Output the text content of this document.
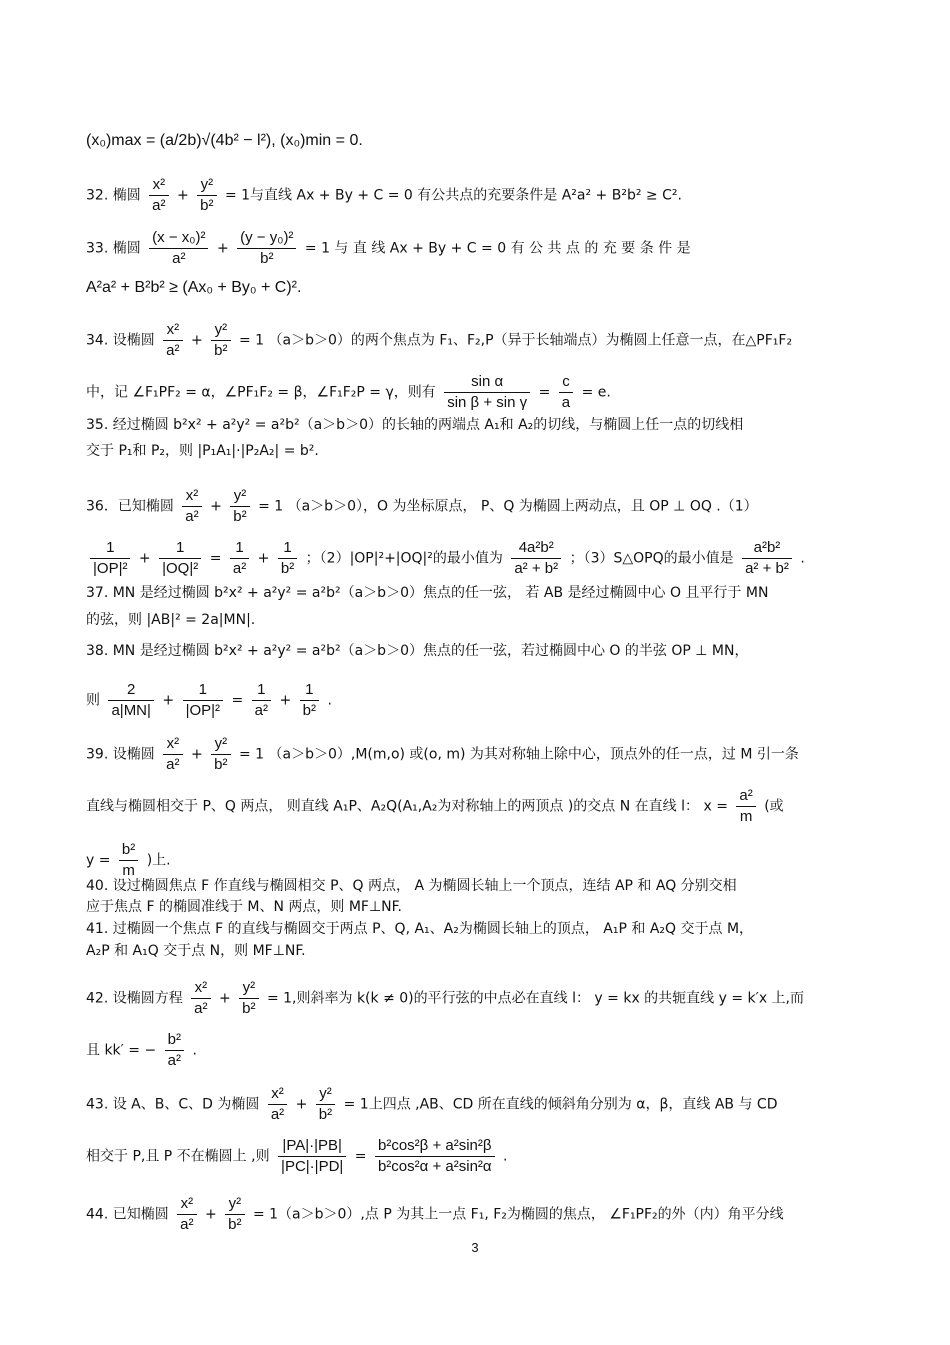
(x₀)max = (a/2b)√(4b² − l²), (x₀)min = 0.
32. 椭圆 $\frac{\text{x²}}{\text{a²}} + \frac{\text{y²}}{\text{b²}} = 1$与直线 Ax + By + C = 0 有公共点的充要条件是 A²a² + B²b² ≥ C².
33. 椭圆 $\frac{\text{(x − x₀)²}}{\text{a²}} + \frac{\text{(y − y₀)²}}{\text{b²}} = 1$ 与 直 线 Ax + By + C = 0 有 公 共 点 的 充 要 条 件 是
A²a² + B²b² ≥ (Ax₀ + By₀ + C)².
34. 设椭圆 $\frac{\text{x²}}{\text{a²}} + \frac{\text{y²}}{\text{b²}} = 1$ （a＞b＞0）的两个焦点为 F₁、F₂,P（异于长轴端点）为椭圆上任意一点，在△PF₁F₂
中，记 ∠F₁PF₂ = α，∠PF₁F₂ = β，∠F₁F₂P = γ，则有 $\frac{\text{sin α}}{\text{sin β + sin γ}} = \frac{c}{a} = e$.
35. 经过椭圆 b²x² + a²y² = a²b²（a＞b＞0）的长轴的两端点 A₁和 A₂的切线，与椭圆上任一点的切线相
交于 P₁和 P₂，则 |P₁A₁|·|P₂A₂| = b².
36．已知椭圆 $\frac{\text{x²}}{\text{a²}} + \frac{\text{y²}}{\text{b²}} = 1$ （a＞b＞0），O 为坐标原点， P、Q 为椭圆上两动点，且 OP ⊥ OQ .（1）
$\frac{1}{\text{|OP|²}} + \frac{1}{\text{|OQ|²}} = \frac{1}{\text{a²}} + \frac{1}{\text{b²}}$ ；（2）|OP|²+|OQ|²的最小值为 $\frac{\text{4a²b²}}{\text{a² + b²}}$ ；（3）S△OPQ的最小值是 $\frac{\text{a²b²}}{\text{a² + b²}}$ .
37. MN 是经过椭圆 b²x² + a²y² = a²b²（a＞b＞0）焦点的任一弦， 若 AB 是经过椭圆中心 O 且平行于 MN
的弦，则 |AB|² = 2a|MN|.
38. MN 是经过椭圆 b²x² + a²y² = a²b²（a＞b＞0）焦点的任一弦，若过椭圆中心 O 的半弦 OP ⊥ MN，
则 $\frac{2}{a|MN|} + \frac{1}{\text{|OP|²}} = \frac{1}{\text{a²}} + \frac{1}{\text{b²}}$ .
39. 设椭圆 $\frac{\text{x²}}{\text{a²}} + \frac{\text{y²}}{\text{b²}} = 1$ （a＞b＞0）,M(m,o) 或(o, m) 为其对称轴上除中心，顶点外的任一点，过 M 引一条
直线与椭圆相交于 P、Q 两点， 则直线 A₁P、A₂Q(A₁,A₂为对称轴上的两顶点 )的交点 N 在直线 l： $x = \frac{\text{a²}}{m}$ (或
$y = \frac{\text{b²}}{m}$ )上.
40. 设过椭圆焦点 F 作直线与椭圆相交 P、Q 两点， A 为椭圆长轴上一个顶点，连结 AP 和 AQ 分别交相
应于焦点 F 的椭圆准线于 M、N 两点，则 MF⊥NF.
41. 过椭圆一个焦点 F 的直线与椭圆交于两点 P、Q, A₁、A₂为椭圆长轴上的顶点， A₁P 和 A₂Q 交于点 M，
A₂P 和 A₁Q 交于点 N，则 MF⊥NF.
42. 设椭圆方程 $\frac{\text{x²}}{\text{a²}} + \frac{\text{y²}}{\text{b²}} = 1$,则斜率为 k(k ≠ 0)的平行弦的中点必在直线 l： y = kx 的共轭直线 y = k′x 上,而
且 kk′ = − $\frac{\text{b²}}{\text{a²}}$ .
43. 设 A、B、C、D 为椭圆 $\frac{\text{x²}}{\text{a²}} + \frac{\text{y²}}{\text{b²}} = 1$上四点 ,AB、CD 所在直线的倾斜角分别为 α，β，直线 AB 与 CD
相交于 P,且 P 不在椭圆上 ,则 $\frac{|PA|\cdot|PB|}{|PC|\cdot|PD|} = \frac{\text{b²cos²β + a²sin²β}}{\text{b²cos²α + a²sin²α}}$ .
44. 已知椭圆 $\frac{\text{x²}}{\text{a²}} + \frac{\text{y²}}{\text{b²}} = 1(a>b>0)$,点 P 为其上一点 F₁, F₂为椭圆的焦点， ∠F₁PF₂的外（内）角平分线
3
